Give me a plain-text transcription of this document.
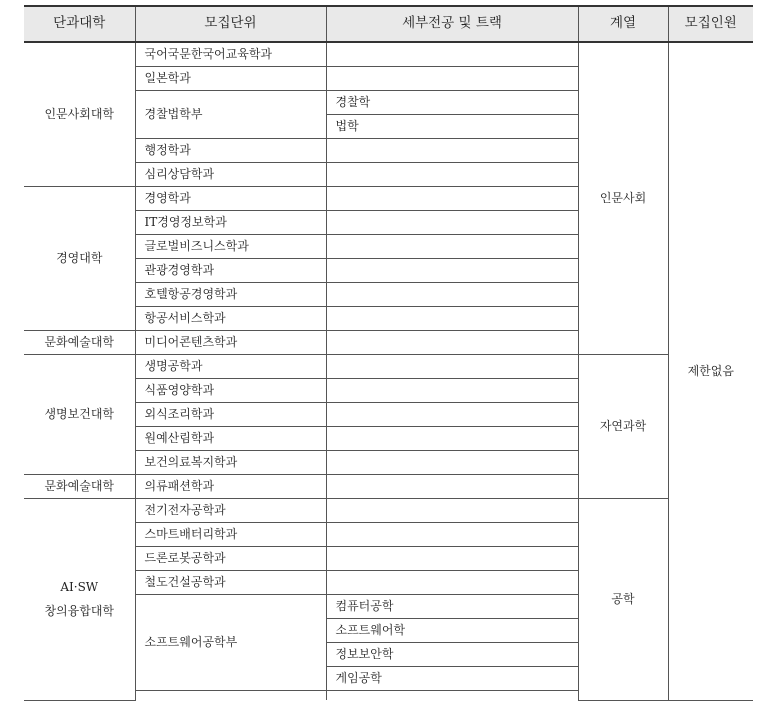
단과대학	모집단위	세부전공 및 트랙	계열	모집인원
인문사회대학	국어국문한국어교육학과		인문사회	제한없음
	일본학과			
	경찰법학부	경찰학		
		법학		
	행정학과			
	심리상담학과			
경영대학	경영학과			
	IT경영정보학과			
	글로벌비즈니스학과			
	관광경영학과			
	호텔항공경영학과			
	항공서비스학과			
문화예술대학	미디어콘텐츠학과			
생명보건대학	생명공학과		자연과학	
	식품영양학과			
	외식조리학과			
	원예산림학과			
	보건의료복지학과			
문화예술대학	의류패션학과			

AI·SW
창의융합대학	전기전자공학과		공학	
	스마트배터리학과			
	드론로봇공학과			
	철도건설공학과			
	소프트웨어공학부	컴퓨터공학		
		소프트웨어학		
		정보보안학		
		게임공학		
